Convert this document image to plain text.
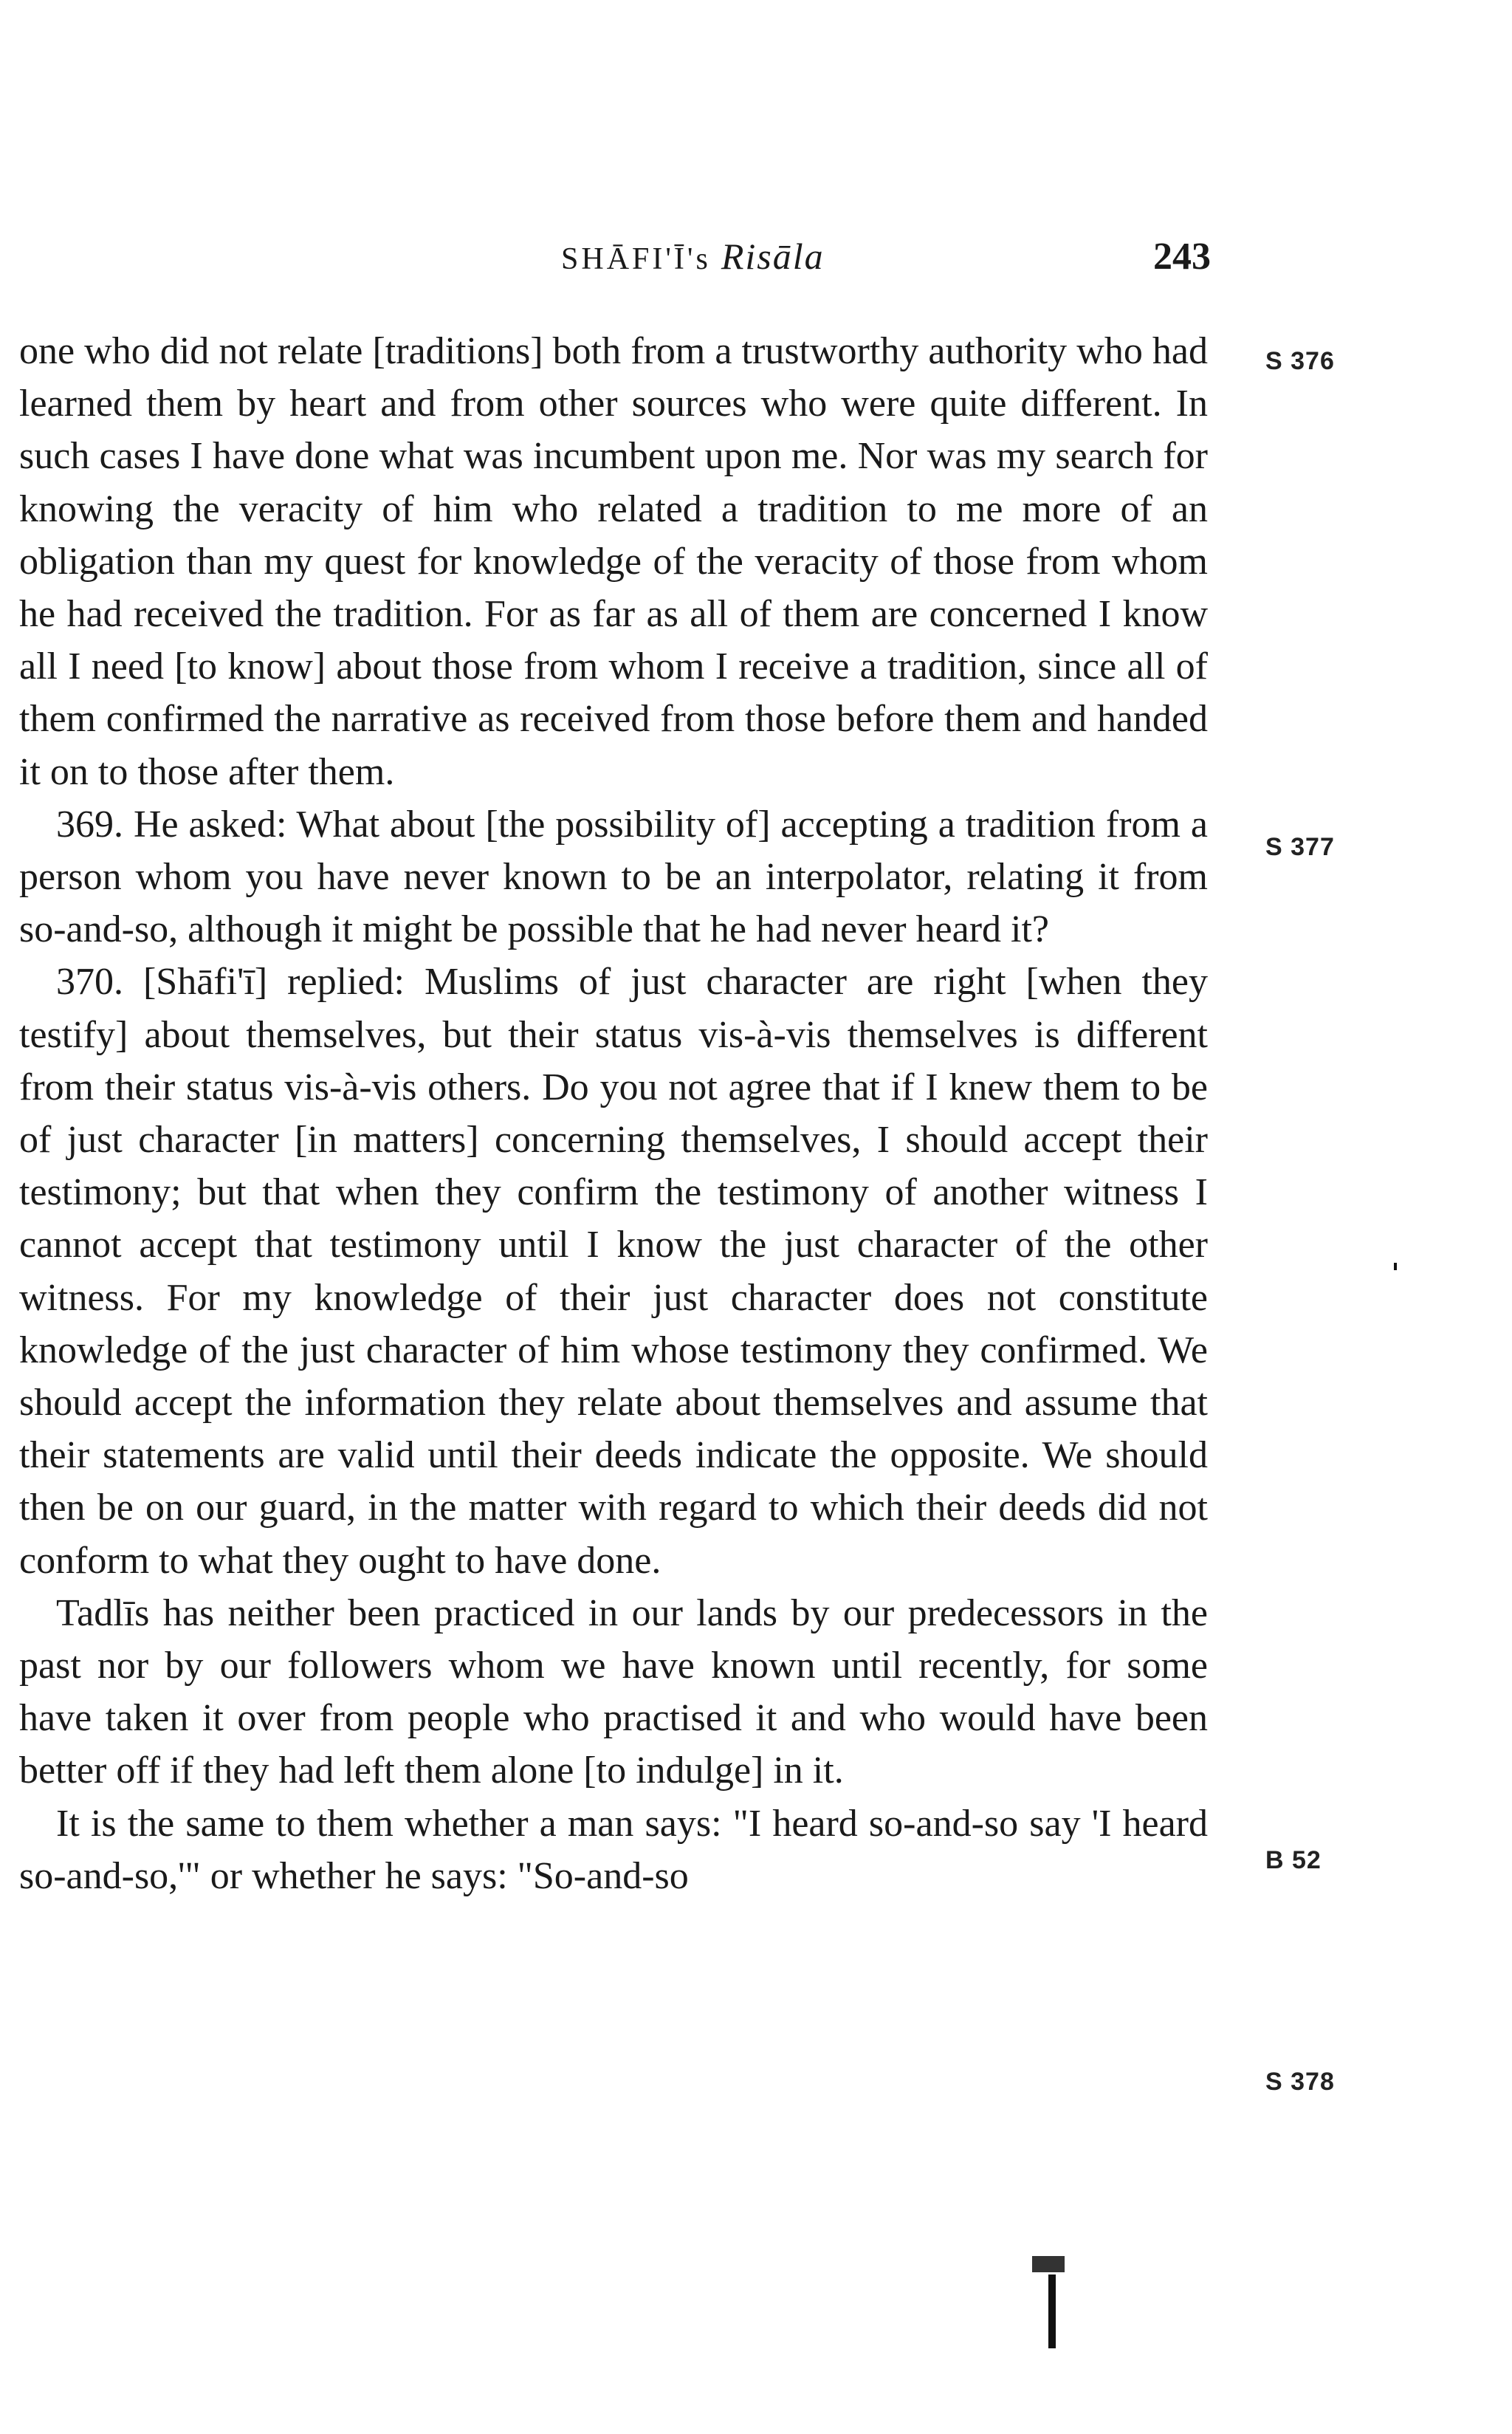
SHĀFI'Ī's Risāla	243

one who did not relate [traditions] both from a trustworthy authority who had learned them by heart and from other sources who were quite different. In such cases I have done what was incumbent upon me. Nor was my search for knowing the veracity of him who related a tradition to me more of an obligation than my quest for knowledge of the veracity of those from whom he had received the tradition. For as far as all of them are concerned I know all I need [to know] about those from whom I receive a tradition, since all of them confirmed the narrative as received from those before them and handed it on to those after them.

369. He asked: What about [the possibility of] accepting a tradition from a person whom you have never known to be an interpolator, relating it from so-and-so, although it might be possible that he had never heard it?

370. [Shāfi'ī] replied: Muslims of just character are right [when they testify] about themselves, but their status vis-à-vis themselves is different from their status vis-à-vis others. Do you not agree that if I knew them to be of just character [in matters] concerning themselves, I should accept their testimony; but that when they confirm the testimony of another witness I cannot accept that testimony until I know the just character of the other witness. For my knowledge of their just character does not constitute knowledge of the just character of him whose testimony they confirmed. We should accept the information they relate about themselves and assume that their statements are valid until their deeds indicate the opposite. We should then be on our guard, in the matter with regard to which their deeds did not conform to what they ought to have done.

Tadlīs has neither been practiced in our lands by our predecessors in the past nor by our followers whom we have known until recently, for some have taken it over from people who practised it and who would have been better off if they had left them alone [to indulge] in it.

It is the same to them whether a man says: "I heard so-and-so say 'I heard so-and-so,'" or whether he says: "So-and-so

S 376
S 377
B 52
S 378
